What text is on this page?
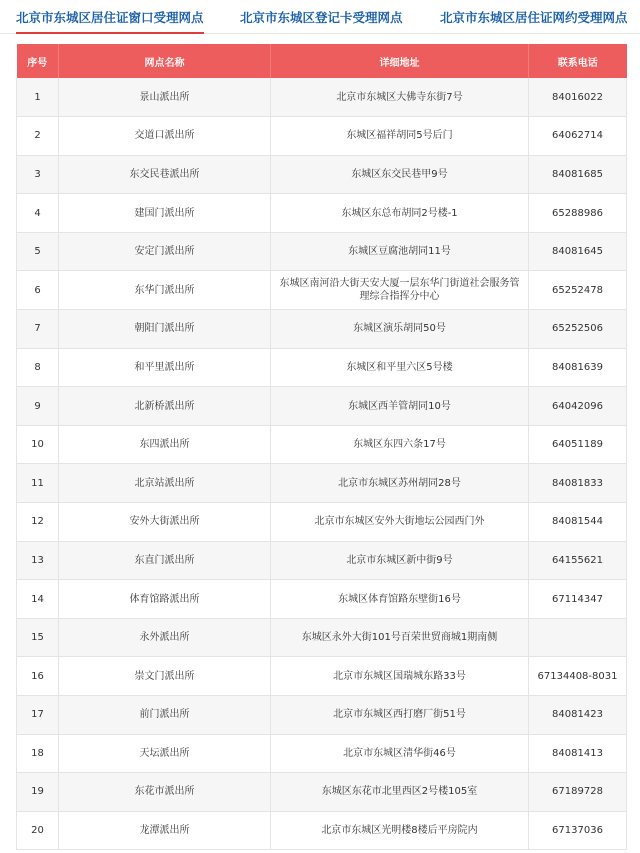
北京市东城区居住证窗口受理网点	北京市东城区登记卡受理网点	北京市东城区居住证网约受理网点
序号	网点名称	详细地址	联系电话
1	景山派出所	北京市东城区大佛寺东街7号	84016022
2	交道口派出所	东城区福祥胡同5号后门	64062714
3	东交民巷派出所	东城区东交民巷甲9号	84081685
4	建国门派出所	东城区东总布胡同2号楼-1	65288986
5	安定门派出所	东城区豆腐池胡同11号	84081645
6	东华门派出所	东城区南河沿大街天安大厦一层东华门街道社会服务管理综合指挥分中心	65252478
7	朝阳门派出所	东城区演乐胡同50号	65252506
8	和平里派出所	东城区和平里六区5号楼	84081639
9	北新桥派出所	东城区西羊管胡同10号	64042096
10	东四派出所	东城区东四六条17号	64051189
11	北京站派出所	北京市东城区苏州胡同28号	84081833
12	安外大街派出所	北京市东城区安外大街地坛公园西门外	84081544
13	东直门派出所	北京市东城区新中街9号	64155621
14	体育馆路派出所	东城区体育馆路东壁街16号	67114347
15	永外派出所	东城区永外大街101号百荣世贸商城1期南侧	
16	崇文门派出所	北京市东城区国瑞城东路33号	67134408-8031
17	前门派出所	北京市东城区西打磨厂街51号	84081423
18	天坛派出所	北京市东城区清华街46号	84081413
19	东花市派出所	东城区东花市北里西区2号楼105室	67189728
20	龙潭派出所	北京市东城区光明楼8楼后平房院内	67137036
